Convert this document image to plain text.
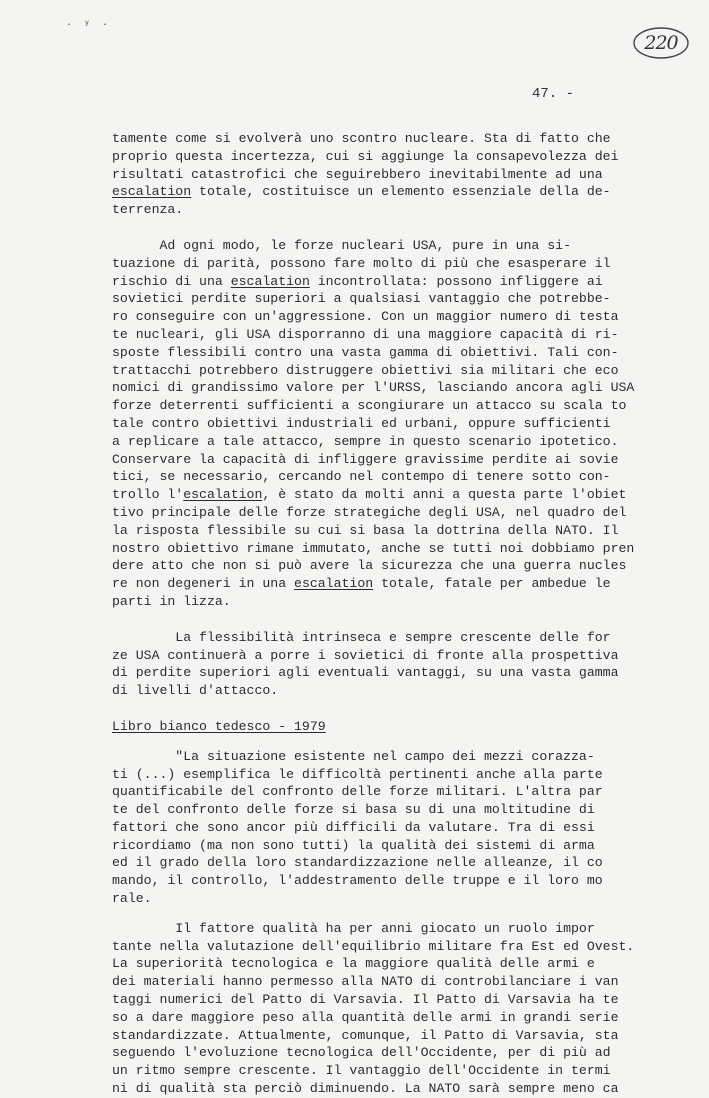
· ʸ ·
220
47. -
tamente come si evolverà uno scontro nucleare. Sta di fatto che
proprio questa incertezza, cui si aggiunge la consapevolezza dei
risultati catastrofici che seguirebbero inevitabilmente ad una
escalation totale, costituisce un elemento essenziale della de-
terrenza.
Ad ogni modo, le forze nucleari USA, pure in una si-
tuazione di parità, possono fare molto di più che esasperare il
rischio di una escalation incontrollata: possono infliggere ai
sovietici perdite superiori a qualsiasi vantaggio che potrebbe-
ro conseguire con un'aggressione. Con un maggior numero di testa
te nucleari, gli USA disporranno di una maggiore capacità di ri-
sposte flessibili contro una vasta gamma di obiettivi. Tali con-
trattacchi potrebbero distruggere obiettivi sia militari che eco
nomici di grandissimo valore per l'URSS, lasciando ancora agli USA
forze deterrenti sufficienti a scongiurare un attacco su scala to
tale contro obiettivi industriali ed urbani, oppure sufficienti
a replicare a tale attacco, sempre in questo scenario ipotetico.
Conservare la capacità di infliggere gravissime perdite ai sovie
tici, se necessario, cercando nel contempo di tenere sotto con-
trollo l'escalation, è stato da molti anni a questa parte l'obiet
tivo principale delle forze strategiche degli USA, nel quadro del
la risposta flessibile su cui si basa la dottrina della NATO. Il
nostro obiettivo rimane immutato, anche se tutti noi dobbiamo pren
dere atto che non si può avere la sicurezza che una guerra nucles
re non degeneri in una escalation totale, fatale per ambedue le
parti in lizza.
La flessibilità intrinseca e sempre crescente delle for
ze USA continuerà a porre i sovietici di fronte alla prospettiva
di perdite superiori agli eventuali vantaggi, su una vasta gamma
di livelli d'attacco.
Libro bianco tedesco - 1979
"La situazione esistente nel campo dei mezzi corazza-
ti (...) esemplifica le difficoltà pertinenti anche alla parte
quantificabile del confronto delle forze militari. L'altra par
te del confronto delle forze si basa su di una moltitudine di
fattori che sono ancor più difficili da valutare. Tra di essi
ricordiamo (ma non sono tutti) la qualità dei sistemi di arma
ed il grado della loro standardizzazione nelle alleanze, il co
mando, il controllo, l'addestramento delle truppe e il loro mo
rale.
Il fattore qualità ha per anni giocato un ruolo impor
tante nella valutazione dell'equilibrio militare fra Est ed Ovest.
La superiorità tecnologica e la maggiore qualità delle armi e
dei materiali hanno permesso alla NATO di controbilanciare i van
taggi numerici del Patto di Varsavia. Il Patto di Varsavia ha te
so a dare maggiore peso alla quantità delle armi in grandi serie
standardizzate. Attualmente, comunque, il Patto di Varsavia, sta
seguendo l'evoluzione tecnologica dell'Occidente, per di più ad
un ritmo sempre crescente. Il vantaggio dell'Occidente in termi
ni di qualità sta perciò diminuendo. La NATO sarà sempre meno ca
